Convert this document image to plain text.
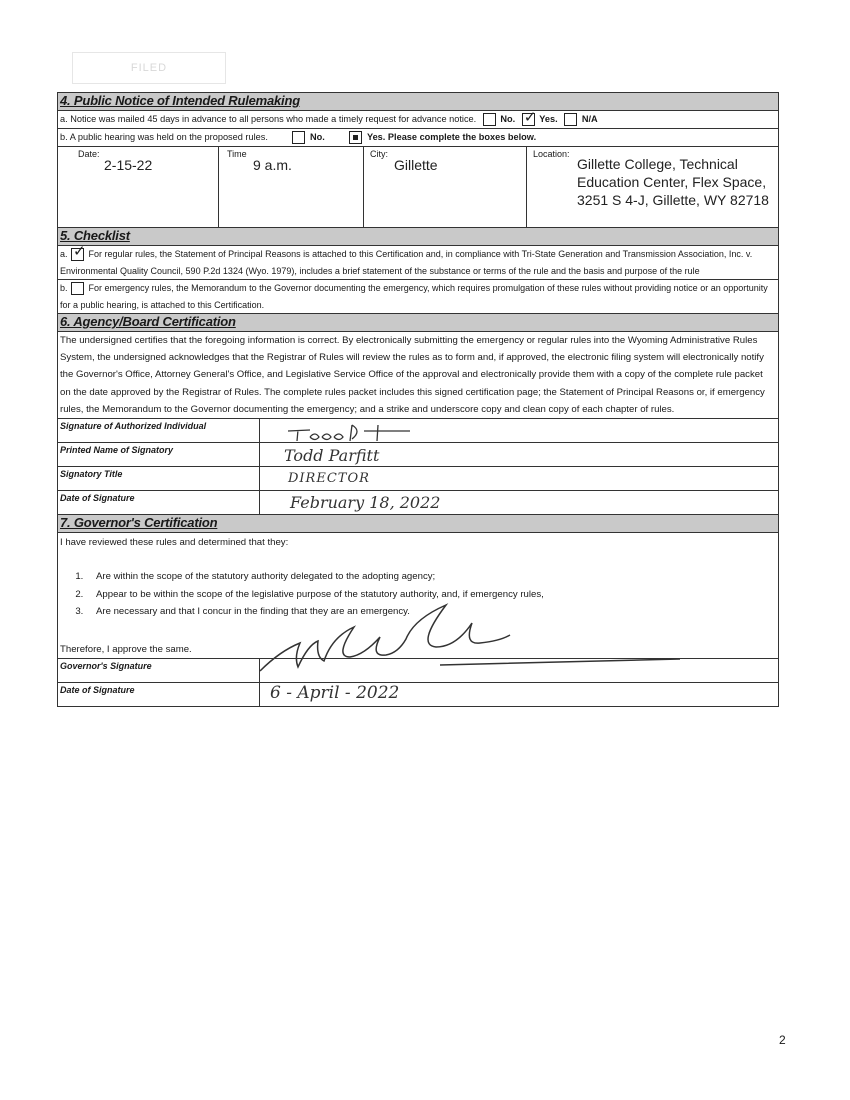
FILED
4. Public Notice of Intended Rulemaking
a. Notice was mailed 45 days in advance to all persons who made a timely request for advance notice.	No. ✓ Yes.	N/A
b. A public hearing was held on the proposed rules.	No.	Yes. Please complete the boxes below.
Date:
2-15-22
Time
9 a.m.
City:
Gillette
Location:
Gillette College, Technical Education Center, Flex Space, 3251 S 4-J, Gillette, WY 82718
5. Checklist
a. ✓ For regular rules, the Statement of Principal Reasons is attached to this Certification and, in compliance with Tri-State Generation and Transmission Association, Inc. v. Environmental Quality Council, 590 P.2d 1324 (Wyo. 1979), includes a brief statement of the substance or terms of the rule and the basis and purpose of the rule
b. For emergency rules, the Memorandum to the Governor documenting the emergency, which requires promulgation of these rules without providing notice or an opportunity for a public hearing, is attached to this Certification.
6. Agency/Board Certification
The undersigned certifies that the foregoing information is correct. By electronically submitting the emergency or regular rules into the Wyoming Administrative Rules System, the undersigned acknowledges that the Registrar of Rules will review the rules as to form and, if approved, the electronic filing system will electronically notify the Governor's Office, Attorney General's Office, and Legislative Service Office of the approval and electronically provide them with a copy of the complete rule packet on the date approved by the Registrar of Rules. The complete rules packet includes this signed certification page; the Statement of Principal Reasons or, if emergency rules, the Memorandum to the Governor documenting the emergency; and a strike and underscore copy and clean copy of each chapter of rules.
Signature of Authorized Individual
Printed Name of Signatory	Todd Parfitt
Signatory Title	DIRECTOR
Date of Signature	February 18, 2022
7. Governor's Certification
I have reviewed these rules and determined that they:
1. Are within the scope of the statutory authority delegated to the adopting agency;
2. Appear to be within the scope of the legislative purpose of the statutory authority, and, if emergency rules,
3. Are necessary and that I concur in the finding that they are an emergency.
Therefore, I approve the same.
Governor's Signature
Date of Signature	6 - April - 2022
2
